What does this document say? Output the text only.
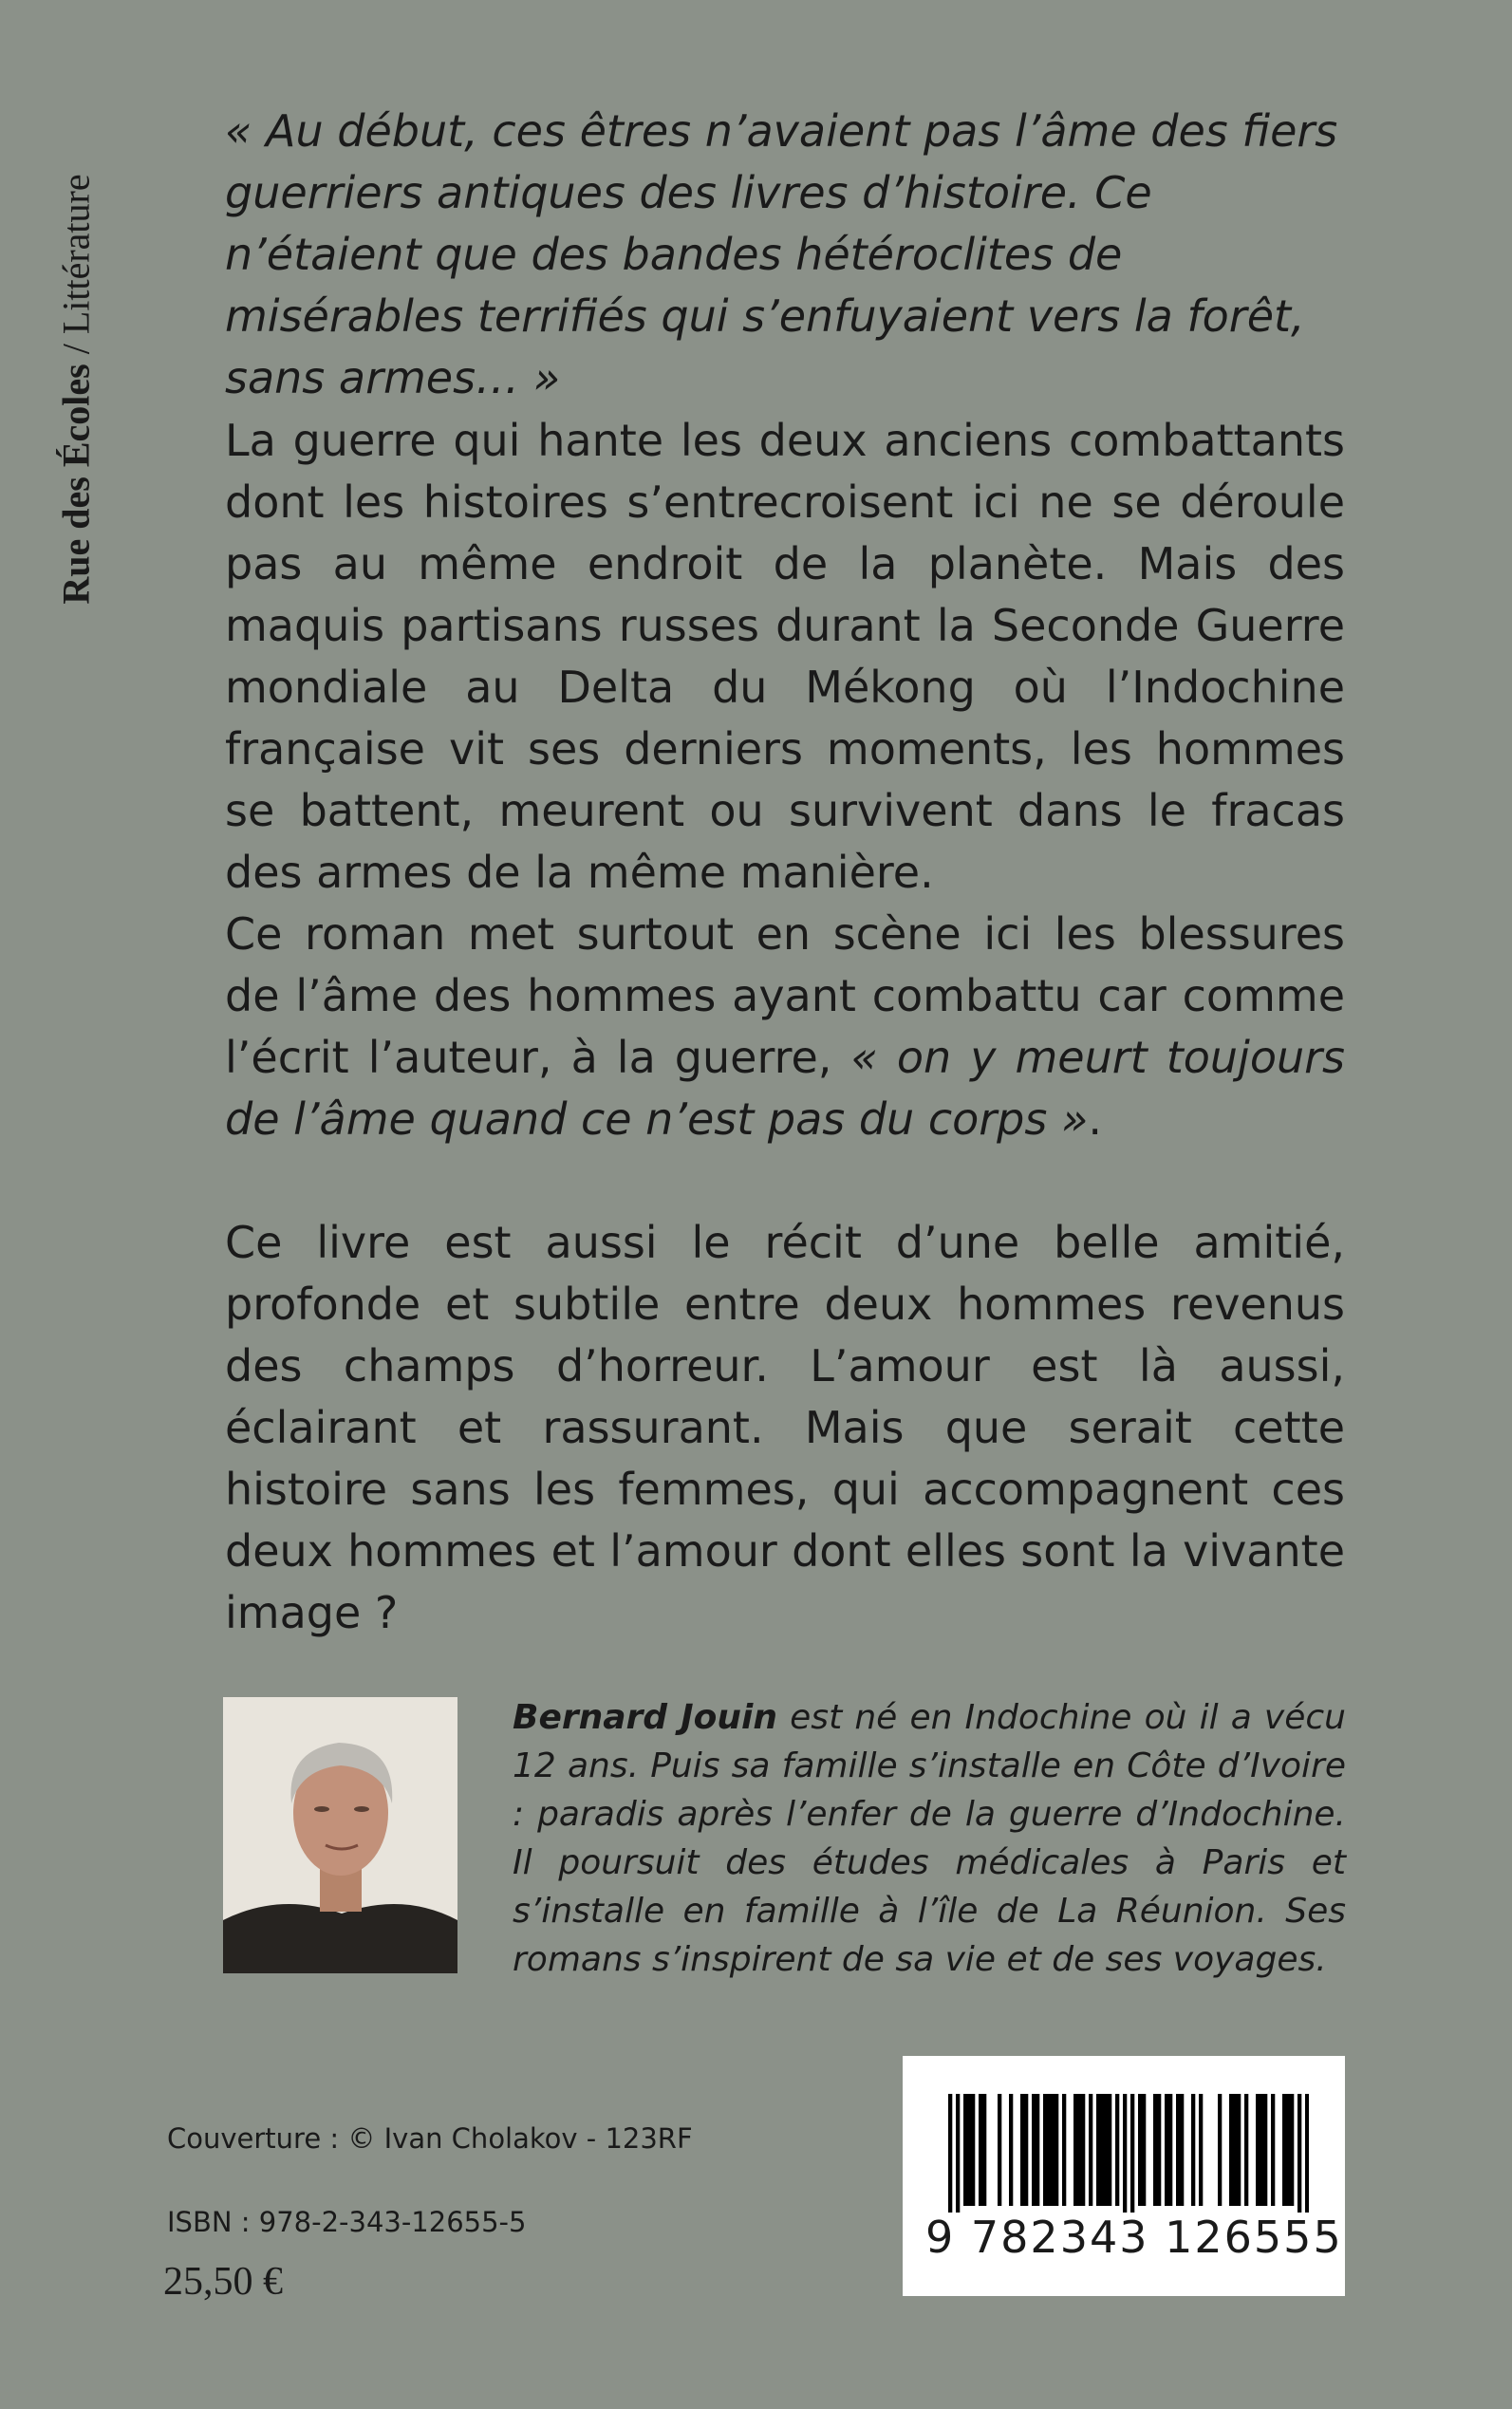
Rue des Écoles / Littérature

« Au début, ces êtres n’avaient pas l’âme des fiers guerriers antiques des livres d’histoire. Ce n’étaient que des bandes hétéroclites de misérables terrifiés qui s’enfuyaient vers la forêt, sans armes… »

La guerre qui hante les deux anciens combattants dont les histoires s’entrecroisent ici ne se déroule pas au même endroit de la planète. Mais des maquis partisans russes durant la Seconde Guerre mondiale au Delta du Mékong où l’Indochine française vit ses derniers moments, les hommes se battent, meurent ou survivent dans le fracas des armes de la même manière.

Ce roman met surtout en scène ici les blessures de l’âme des hommes ayant combattu car comme l’écrit l’auteur, à la guerre, « on y meurt toujours de l’âme quand ce n’est pas du corps ».

Ce livre est aussi le récit d’une belle amitié, profonde et subtile entre deux hommes revenus des champs d’horreur. L’amour est là aussi, éclairant et rassurant. Mais que serait cette histoire sans les femmes, qui accompagnent ces deux hommes et l’amour dont elles sont la vivante image ?

Bernard Jouin est né en Indochine où il a vécu 12 ans. Puis sa famille s’installe en Côte d’Ivoire : paradis après l’enfer de la guerre d’Indochine. Il poursuit des études médicales à Paris et s’installe en famille à l’île de La Réunion. Ses romans s’inspirent de sa vie et de ses voyages.
Couverture : © Ivan Cholakov - 123RF
ISBN : 978-2-343-12655-5
25,50 €
9 782343 126555
